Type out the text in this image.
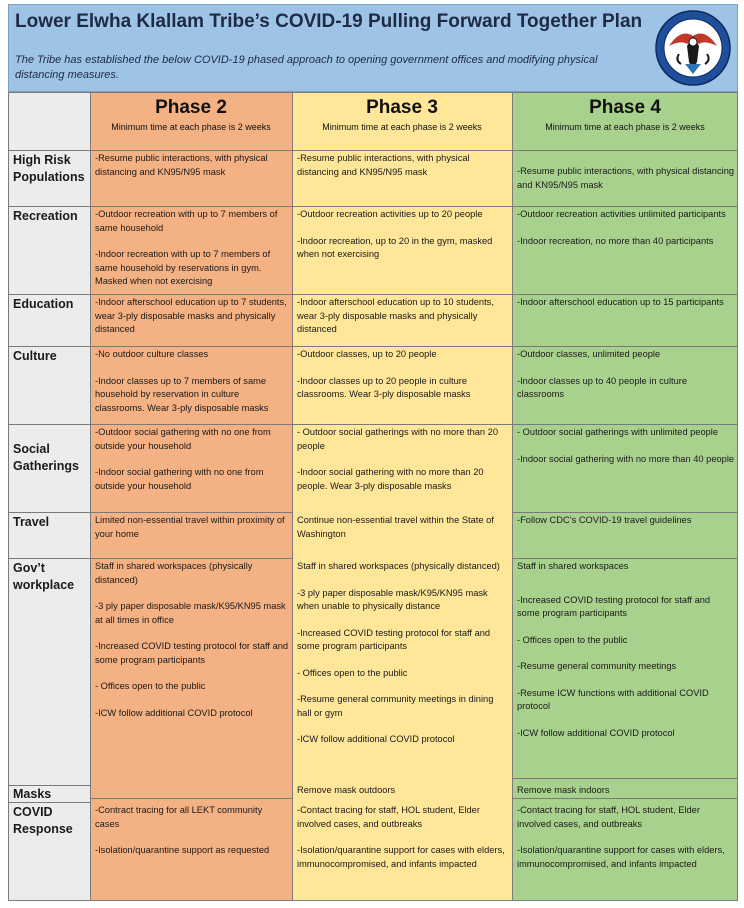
Lower Elwha Klallam Tribe’s COVID-19 Pulling Forward Together Plan
The Tribe has established the below COVID-19 phased approach to opening government offices and modifying physical distancing measures.
Phase 2
Minimum time at each phase is 2 weeks
Phase 3
Minimum time at each phase is 2 weeks
Phase 4
Minimum time at each phase is 2 weeks
High Risk Populations
Recreation
Education
Culture
Social Gatherings
Travel
Gov’t workplace
Masks
COVID Response
-Resume public interactions, with physical distancing and KN95/N95 mask
-Resume public interactions, with physical distancing and KN95/N95 mask	-Resume public interactions, with physical distancing and KN95/N95 mask

-Outdoor recreation with up to 7 members of same household

-Indoor recreation with up to 7 members of same household by reservations in gym. Masked when not exercising

-Outdoor recreation activities up to 20 people

-Indoor recreation, up to 20 in the gym, masked when not exercising

-Outdoor recreation activities unlimited participants

-Indoor recreation, no more than 40 participants

-Indoor afterschool education up to 7 students, wear 3-ply disposable masks and physically distanced
-Indoor afterschool education up to 10 students, wear 3-ply disposable masks and physically distanced
-Indoor afterschool education up to 15 participants

-No outdoor culture classes

-Indoor classes up to 7 members of same household by reservation in culture classrooms. Wear 3-ply disposable masks

-Outdoor classes, up to 20 people

-Indoor classes up to 20 people in culture classrooms. Wear 3-ply disposable masks

-Outdoor classes, unlimited people

-Indoor classes up to 40 people in culture classrooms

-Outdoor social gathering with no one from outside your household

-Indoor social gathering with no one from outside your household

- Outdoor social gatherings with no more than 20 people

-Indoor social gathering with no more than 20 people. Wear 3-ply disposable masks

- Outdoor social gatherings with unlimited people

-Indoor social gathering with no more than 40 people

Limited non-essential travel within proximity of your home
Continue non-essential travel within the State of Washington
-Follow CDC’s COVID-19 travel guidelines

Staff in shared workspaces (physically distanced)

-3 ply paper disposable mask/K95/KN95 mask at all times in office

-Increased COVID testing protocol for staff and some program participants

- Offices open to the public

-ICW follow additional COVID protocol

Staff in shared workspaces (physically distanced)

-3 ply paper disposable mask/K95/KN95 mask when unable to physically distance

-Increased COVID testing protocol for staff and some program participants

- Offices open to the public

-Resume general community meetings in dining hall or gym

-ICW follow additional COVID protocol

Staff in shared workspaces

-Increased COVID testing protocol for staff and some program participants

- Offices open to the public

-Resume general community meetings

-Resume ICW functions with additional COVID protocol

-ICW follow additional COVID protocol

Remove mask outdoors	Remove mask indoors

-Contract tracing for all LEKT community cases

-Isolation/quarantine support as requested

-Contact tracing for staff, HOL student, Elder involved cases, and outbreaks

-Isolation/quarantine support for cases with elders, immunocompromised, and infants impacted

-Contact tracing for staff, HOL student, Elder involved cases, and outbreaks

-Isolation/quarantine support for cases with elders, immunocompromised, and infants impacted
